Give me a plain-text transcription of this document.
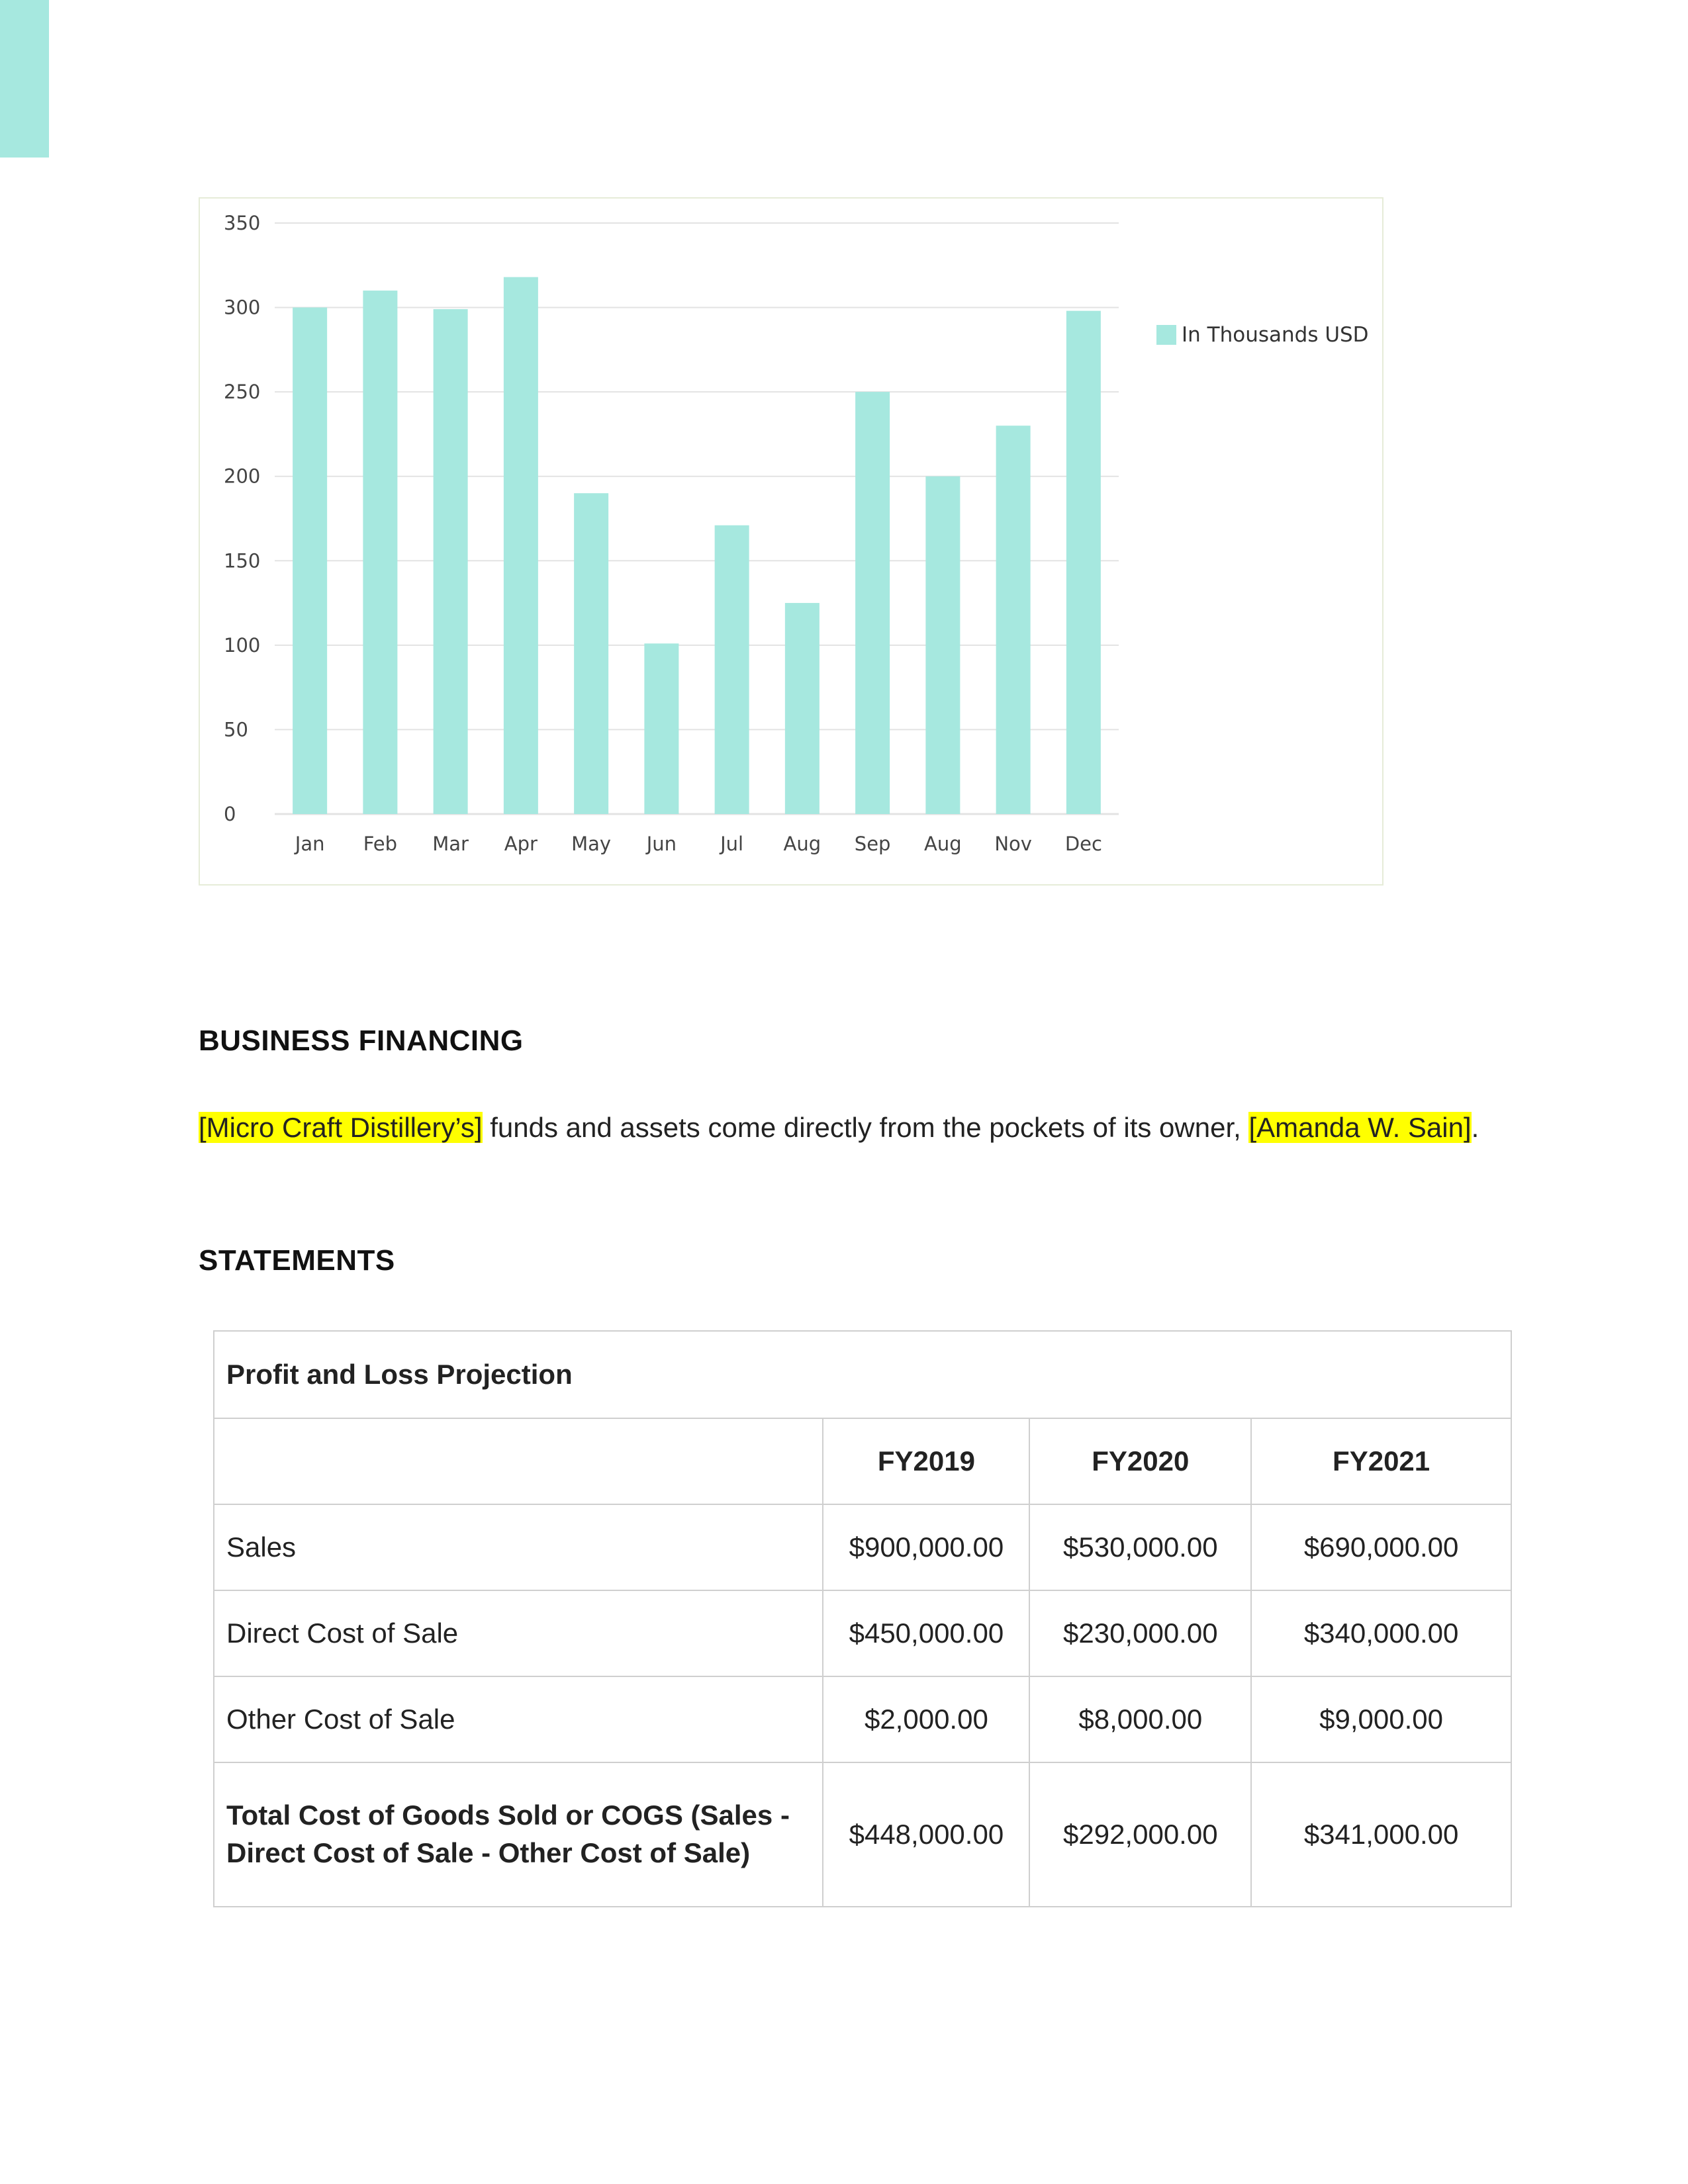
0
50
100
150
200
250
300
350
Jan Feb Mar Apr May Jun Jul Aug Sep Aug Nov Dec
In Thousands USD
BUSINESS FINANCING
[Micro Craft Distillery’s] funds and assets come directly from the pockets of its owner, [Amanda W. Sain].
STATEMENTS
Profit and Loss Projection			
	FY2019	FY2020	FY2021
Sales	$900,000.00	$530,000.00	$690,000.00
Direct Cost of Sale	$450,000.00	$230,000.00	$340,000.00
Other Cost of Sale	$2,000.00	$8,000.00	$9,000.00
Total Cost of Goods Sold or COGS (Sales -
Direct Cost of Sale - Other Cost of Sale)	$448,000.00	$292,000.00	$341,000.00
